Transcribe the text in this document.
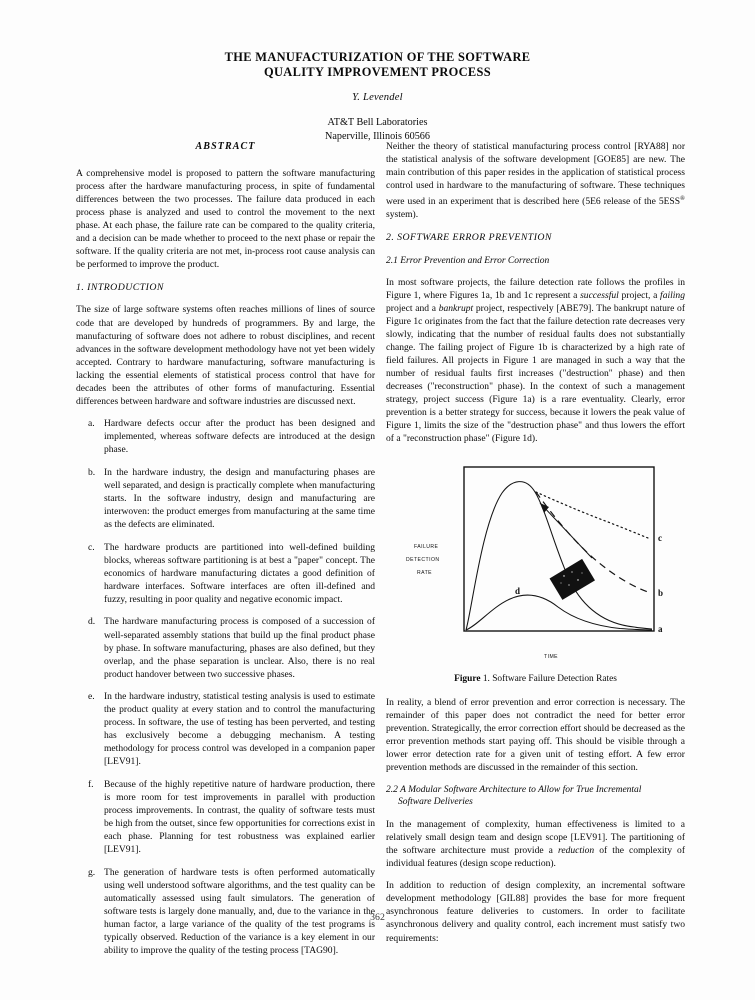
THE MANUFACTURIZATION OF THE SOFTWARE
QUALITY IMPROVEMENT PROCESS
Y. Levendel
AT&T Bell Laboratories
Naperville, Illinois 60566
ABSTRACT

A comprehensive model is proposed to pattern the software manufacturing process after the hardware manufacturing process, in spite of fundamental differences between the two processes. The failure data produced in each process phase is analyzed and used to control the movement to the next phase. At each phase, the failure rate can be compared to the quality criteria, and a decision can be made whether to proceed to the next phase or repair the software. If the quality criteria are not met, in-process root cause analysis can be performed to improve the product.

1. INTRODUCTION

The size of large software systems often reaches millions of lines of source code that are developed by hundreds of programmers. By and large, the manufacturing of software does not adhere to robust disciplines, and recent advances in the software development methodology have not yet been widely accepted. Contrary to hardware manufacturing, software manufacturing is lacking the essential elements of statistical process control that have for decades been the attributes of other forms of manufacturing. Essential differences between hardware and software industries are discussed next.

a. Hardware defects occur after the product has been designed and implemented, whereas software defects are introduced at the design phase.
b. In the hardware industry, the design and manufacturing phases are well separated, and design is practically complete when manufacturing starts. In the software industry, design and manufacturing are interwoven: the product emerges from manufacturing at the same time as the defects are eliminated.
c. The hardware products are partitioned into well-defined building blocks, whereas software partitioning is at best a "paper" concept. The economics of hardware manufacturing dictates a good definition of hardware interfaces. Software interfaces are often ill-defined and fuzzy, resulting in poor quality and negative economic impact.
d. The hardware manufacturing process is composed of a succession of well-separated assembly stations that build up the final product phase by phase. In software manufacturing, phases are also defined, but they overlap, and the phase separation is unclear. Also, there is no real product handover between two successive phases.
e. In the hardware industry, statistical testing analysis is used to estimate the product quality at every station and to control the manufacturing process. In software, the use of testing has been perverted, and testing has exclusively become a debugging mechanism. A testing methodology for process control was developed in a companion paper [LEV91].
f.	Because of the highly repetitive nature of hardware production, there is more room for test improvements in parallel with production process improvements. In contrast, the quality of software tests must be high from the outset, since few opportunities for corrections exist in each phase. Planning for test robustness was explained earlier [LEV91].
g. The generation of hardware tests is often performed automatically using well understood software algorithms, and the test quality can be automatically assessed using fault simulators. The generation of software tests is largely done manually, and, due to the variance in the human factor, a large variance of the quality of the test programs is typically observed. Reduction of the variance is a key element in our ability to improve the quality of the testing process [TAG90].

Neither the theory of statistical manufacturing process control [RYA88] nor the statistical analysis of the software development [GOE85] are new. The main contribution of this paper resides in the application of statistical process control used in hardware to the manufacturing of software. These techniques were used in an experiment that is described here (5E6 release of the 5ESS® system).

2. SOFTWARE ERROR PREVENTION
2.1 Error Prevention and Error Correction

In most software projects, the failure detection rate follows the profiles in Figure 1, where Figures 1a, 1b and 1c represent a successful project, a failing project and a bankrupt project, respectively [ABE79]. The bankrupt nature of Figure 1c originates from the fact that the failure detection rate decreases very slowly, indicating that the number of residual faults does not substantially change. The failing project of Figure 1b is characterized by a high rate of field failures. All projects in Figure 1 are managed in such a way that the number of residual faults first increases ("destruction" phase) and then decreases ("reconstruction" phase). In the context of such a management strategy, project success (Figure 1a) is a rare eventuality. Clearly, error prevention is a better strategy for success, because it lowers the peak value of Figure 1, limits the size of the "destruction phase" and thus lowers the effort of a "reconstruction phase" (Figure 1d).

FAILURE
DETECTION
RATE
TIME
a
b
c
d
Figure 1. Software Failure Detection Rates

In reality, a blend of error prevention and error correction is necessary. The remainder of this paper does not contradict the need for better error prevention. Strategically, the error correction effort should be decreased as the error prevention methods start paying off. This should be visible through a lower error detection rate for a given unit of testing effort. A few error prevention methods are discussed in the remainder of this section.

2.2 A Modular Software Architecture to Allow for True Incremental
Software Deliveries

In the management of complexity, human effectiveness is limited to a relatively small design team and design scope [LEV91]. The partitioning of the software architecture must provide a reduction of the complexity of individual features (design scope reduction).

In addition to reduction of design complexity, an incremental software development methodology [GIL88] provides the base for more frequent asynchronous feature deliveries to customers. In order to facilitate asynchronous delivery and quality control, each increment must satisfy two requirements:

362
